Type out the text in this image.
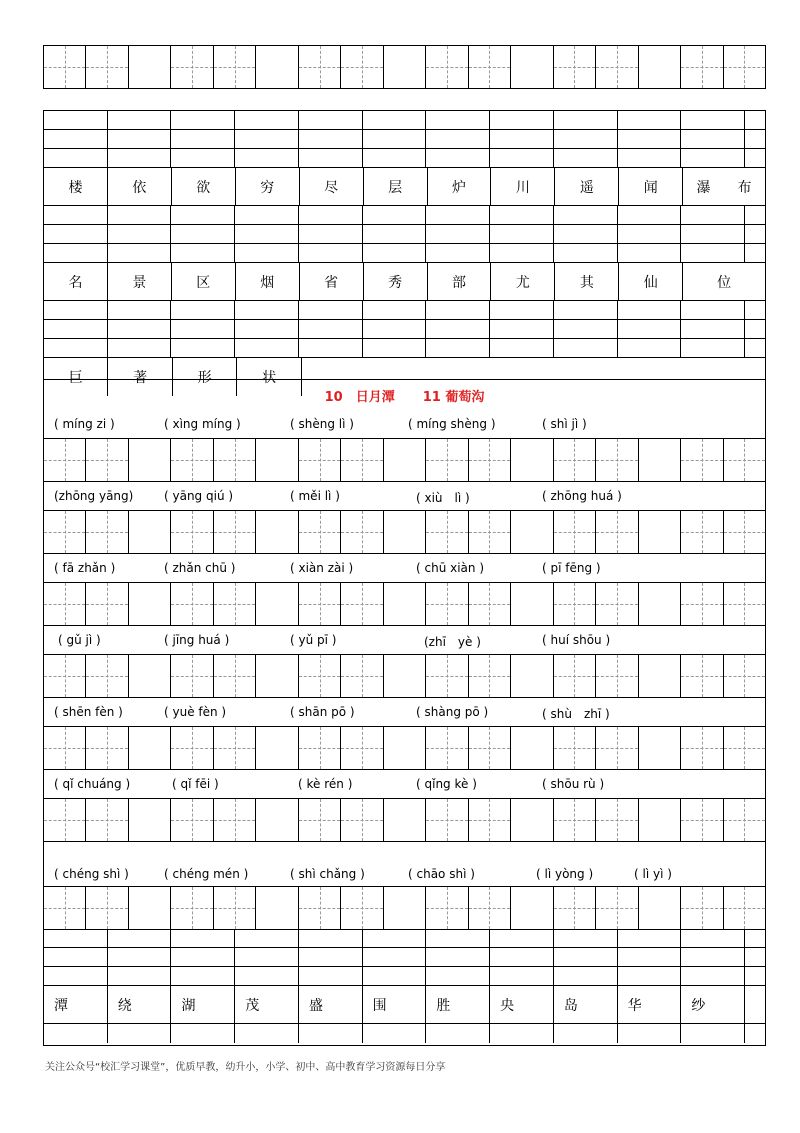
楼	依	欲	穷	尽	层	炉	川	遥	闻	瀑 布
名	景	区	烟	省	秀	部	尤	其	仙	位
巨	著	形	状
10　日月潭 11 葡萄沟
( míng zi )	( xìng míng )	( shèng lì )	( míng shèng )	( shì jì )
(zhōng yāng)	( yāng qiú )	( měi lì )	( xiù　lì )	( zhōng huá )
( fā zhǎn )	( zhǎn chū )	( xiàn zài )	( chū xiàn )	( pī fēng )
( gǔ jì )	( jīng huá )	( yǔ pī )	(zhī　yè )	( huí shōu )
( shēn fèn )	( yuè fèn )	( shān pō )	( shàng pō )	( shù　zhī )
( qǐ chuáng )	( qǐ fēi )	( kè rén )	( qǐng kè )	( shōu rù )
( chéng shì )	( chéng mén )	( shì chǎng )	( chāo shì )	( lì yòng )	( lì yì )
潭	绕	湖	茂	盛	围	胜	央	岛	华	纱
关注公众号“校汇学习课堂”，优质早教，幼升小，小学、初中、高中教育学习资源每日分享
